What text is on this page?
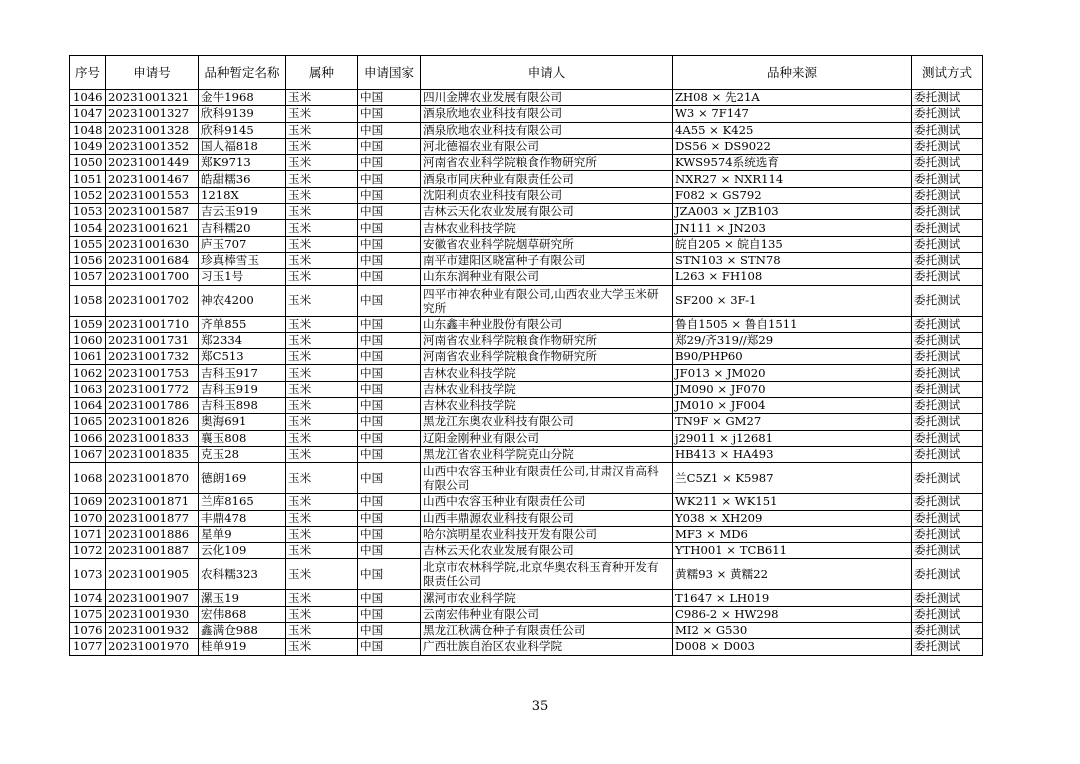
序号	申请号	品种暂定名称	属种	申请国家	申请人	品种来源	测试方式
1046	20231001321	金牛1968	玉米	中国	四川金牌农业发展有限公司	ZH08 × 先21A	委托测试
1047	20231001327	欣科9139	玉米	中国	酒泉欣地农业科技有限公司	W3 × 7F147	委托测试
1048	20231001328	欣科9145	玉米	中国	酒泉欣地农业科技有限公司	4A55 × K425	委托测试
1049	20231001352	国人福818	玉米	中国	河北德福农业有限公司	DS56 × DS9022	委托测试
1050	20231001449	郑K9713	玉米	中国	河南省农业科学院粮食作物研究所	KWS9574系统选育	委托测试
1051	20231001467	皓甜糯36	玉米	中国	酒泉市同庆种业有限责任公司	NXR27 × NXR114	委托测试
1052	20231001553	1218X	玉米	中国	沈阳利贞农业科技有限公司	F082 × GS792	委托测试
1053	20231001587	吉云玉919	玉米	中国	吉林云天化农业发展有限公司	JZA003 × JZB103	委托测试
1054	20231001621	吉科糯20	玉米	中国	吉林农业科技学院	JN111 × JN203	委托测试
1055	20231001630	庐玉707	玉米	中国	安徽省农业科学院烟草研究所	皖自205 × 皖自135	委托测试
1056	20231001684	珍真棒雪玉	玉米	中国	南平市建阳区晓富种子有限公司	STN103 × STN78	委托测试
1057	20231001700	习玉1号	玉米	中国	山东东润种业有限公司	L263 × FH108	委托测试
1058	20231001702	神农4200	玉米	中国	四平市神农种业有限公司,山西农业大学玉米研究所	SF200 × 3F-1	委托测试
1059	20231001710	齐单855	玉米	中国	山东鑫丰种业股份有限公司	鲁自1505 × 鲁自1511	委托测试
1060	20231001731	郑2334	玉米	中国	河南省农业科学院粮食作物研究所	郑29/齐319//郑29	委托测试
1061	20231001732	郑C513	玉米	中国	河南省农业科学院粮食作物研究所	B90/PHP60	委托测试
1062	20231001753	吉科玉917	玉米	中国	吉林农业科技学院	JF013 × JM020	委托测试
1063	20231001772	吉科玉919	玉米	中国	吉林农业科技学院	JM090 × JF070	委托测试
1064	20231001786	吉科玉898	玉米	中国	吉林农业科技学院	JM010 × JF004	委托测试
1065	20231001826	奥海691	玉米	中国	黑龙江东奥农业科技有限公司	TN9F × GM27	委托测试
1066	20231001833	襄玉808	玉米	中国	辽阳金刚种业有限公司	j29011 × j12681	委托测试
1067	20231001835	克玉28	玉米	中国	黑龙江省农业科学院克山分院	HB413 × HA493	委托测试
1068	20231001870	德朗169	玉米	中国	山西中农容玉种业有限责任公司,甘肃汉肯高科有限公司	兰C5Z1 × K5987	委托测试
1069	20231001871	兰库8165	玉米	中国	山西中农容玉种业有限责任公司	WK211 × WK151	委托测试
1070	20231001877	丰鼎478	玉米	中国	山西丰鼎源农业科技有限公司	Y038 × XH209	委托测试
1071	20231001886	星单9	玉米	中国	哈尔滨明星农业科技开发有限公司	MF3 × MD6	委托测试
1072	20231001887	云化109	玉米	中国	吉林云天化农业发展有限公司	YTH001 × TCB611	委托测试
1073	20231001905	农科糯323	玉米	中国	北京市农林科学院,北京华奥农科玉育种开发有限责任公司	黄糯93 × 黄糯22	委托测试
1074	20231001907	漯玉19	玉米	中国	漯河市农业科学院	T1647 × LH019	委托测试
1075	20231001930	宏伟868	玉米	中国	云南宏伟种业有限公司	C986-2 × HW298	委托测试
1076	20231001932	鑫满仓988	玉米	中国	黑龙江秋满仓种子有限责任公司	MI2 × G530	委托测试
1077	20231001970	桂单919	玉米	中国	广西壮族自治区农业科学院	D008 × D003	委托测试
35
